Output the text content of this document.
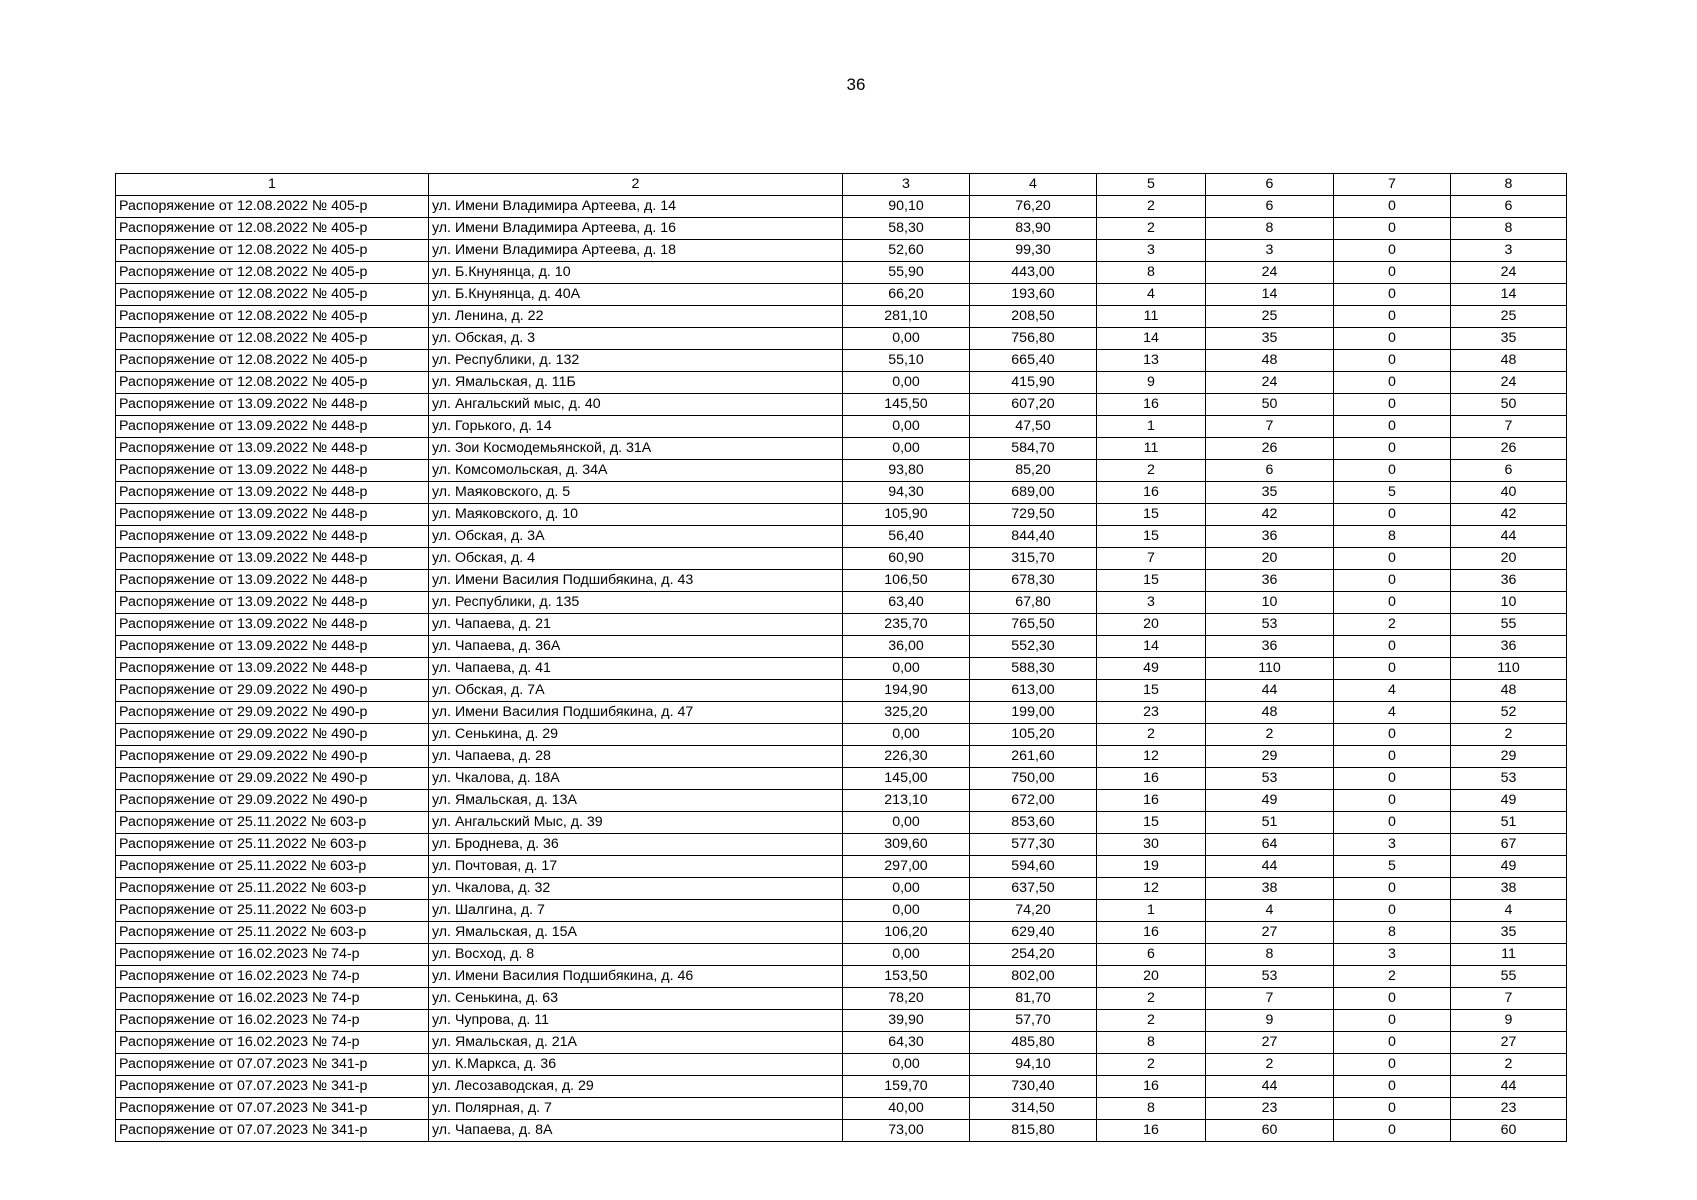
36
1	2	3	4	5	6	7	8
Распоряжение от 12.08.2022 № 405-р	ул. Имени Владимира Артеева, д. 14	90,10	76,20	2	6	0	6
Распоряжение от 12.08.2022 № 405-р	ул. Имени Владимира Артеева, д. 16	58,30	83,90	2	8	0	8
Распоряжение от 12.08.2022 № 405-р	ул. Имени Владимира Артеева, д. 18	52,60	99,30	3	3	0	3
Распоряжение от 12.08.2022 № 405-р	ул. Б.Кнунянца, д. 10	55,90	443,00	8	24	0	24
Распоряжение от 12.08.2022 № 405-р	ул. Б.Кнунянца, д. 40А	66,20	193,60	4	14	0	14
Распоряжение от 12.08.2022 № 405-р	ул. Ленина, д. 22	281,10	208,50	11	25	0	25
Распоряжение от 12.08.2022 № 405-р	ул. Обская, д. 3	0,00	756,80	14	35	0	35
Распоряжение от 12.08.2022 № 405-р	ул. Республики, д. 132	55,10	665,40	13	48	0	48
Распоряжение от 12.08.2022 № 405-р	ул. Ямальская, д. 11Б	0,00	415,90	9	24	0	24
Распоряжение от 13.09.2022 № 448-р	ул. Ангальский мыс, д. 40	145,50	607,20	16	50	0	50
Распоряжение от 13.09.2022 № 448-р	ул. Горького, д. 14	0,00	47,50	1	7	0	7
Распоряжение от 13.09.2022 № 448-р	ул. Зои Космодемьянской, д. 31А	0,00	584,70	11	26	0	26
Распоряжение от 13.09.2022 № 448-р	ул. Комсомольская, д. 34А	93,80	85,20	2	6	0	6
Распоряжение от 13.09.2022 № 448-р	ул. Маяковского, д. 5	94,30	689,00	16	35	5	40
Распоряжение от 13.09.2022 № 448-р	ул. Маяковского, д. 10	105,90	729,50	15	42	0	42
Распоряжение от 13.09.2022 № 448-р	ул. Обская, д. 3А	56,40	844,40	15	36	8	44
Распоряжение от 13.09.2022 № 448-р	ул. Обская, д. 4	60,90	315,70	7	20	0	20
Распоряжение от 13.09.2022 № 448-р	ул. Имени Василия Подшибякина, д. 43	106,50	678,30	15	36	0	36
Распоряжение от 13.09.2022 № 448-р	ул. Республики, д. 135	63,40	67,80	3	10	0	10
Распоряжение от 13.09.2022 № 448-р	ул. Чапаева, д. 21	235,70	765,50	20	53	2	55
Распоряжение от 13.09.2022 № 448-р	ул. Чапаева, д. 36А	36,00	552,30	14	36	0	36
Распоряжение от 13.09.2022 № 448-р	ул. Чапаева, д. 41	0,00	588,30	49	110	0	110
Распоряжение от 29.09.2022 № 490-р	ул. Обская, д. 7А	194,90	613,00	15	44	4	48
Распоряжение от 29.09.2022 № 490-р	ул. Имени Василия Подшибякина, д. 47	325,20	199,00	23	48	4	52
Распоряжение от 29.09.2022 № 490-р	ул. Сенькина, д. 29	0,00	105,20	2	2	0	2
Распоряжение от 29.09.2022 № 490-р	ул. Чапаева, д. 28	226,30	261,60	12	29	0	29
Распоряжение от 29.09.2022 № 490-р	ул. Чкалова, д. 18А	145,00	750,00	16	53	0	53
Распоряжение от 29.09.2022 № 490-р	ул. Ямальская, д. 13А	213,10	672,00	16	49	0	49
Распоряжение от 25.11.2022 № 603-р	ул. Ангальский Мыс, д. 39	0,00	853,60	15	51	0	51
Распоряжение от 25.11.2022 № 603-р	ул. Броднева, д. 36	309,60	577,30	30	64	3	67
Распоряжение от 25.11.2022 № 603-р	ул. Почтовая, д. 17	297,00	594,60	19	44	5	49
Распоряжение от 25.11.2022 № 603-р	ул. Чкалова, д. 32	0,00	637,50	12	38	0	38
Распоряжение от 25.11.2022 № 603-р	ул. Шалгина, д. 7	0,00	74,20	1	4	0	4
Распоряжение от 25.11.2022 № 603-р	ул. Ямальская, д. 15А	106,20	629,40	16	27	8	35
Распоряжение от 16.02.2023 № 74-р	ул. Восход, д. 8	0,00	254,20	6	8	3	11
Распоряжение от 16.02.2023 № 74-р	ул. Имени Василия Подшибякина, д. 46	153,50	802,00	20	53	2	55
Распоряжение от 16.02.2023 № 74-р	ул. Сенькина, д. 63	78,20	81,70	2	7	0	7
Распоряжение от 16.02.2023 № 74-р	ул. Чупрова, д. 11	39,90	57,70	2	9	0	9
Распоряжение от 16.02.2023 № 74-р	ул. Ямальская, д. 21А	64,30	485,80	8	27	0	27
Распоряжение от 07.07.2023 № 341-р	ул. К.Маркса, д. 36	0,00	94,10	2	2	0	2
Распоряжение от 07.07.2023 № 341-р	ул. Лесозаводская, д. 29	159,70	730,40	16	44	0	44
Распоряжение от 07.07.2023 № 341-р	ул. Полярная, д. 7	40,00	314,50	8	23	0	23
Распоряжение от 07.07.2023 № 341-р	ул. Чапаева, д. 8А	73,00	815,80	16	60	0	60
